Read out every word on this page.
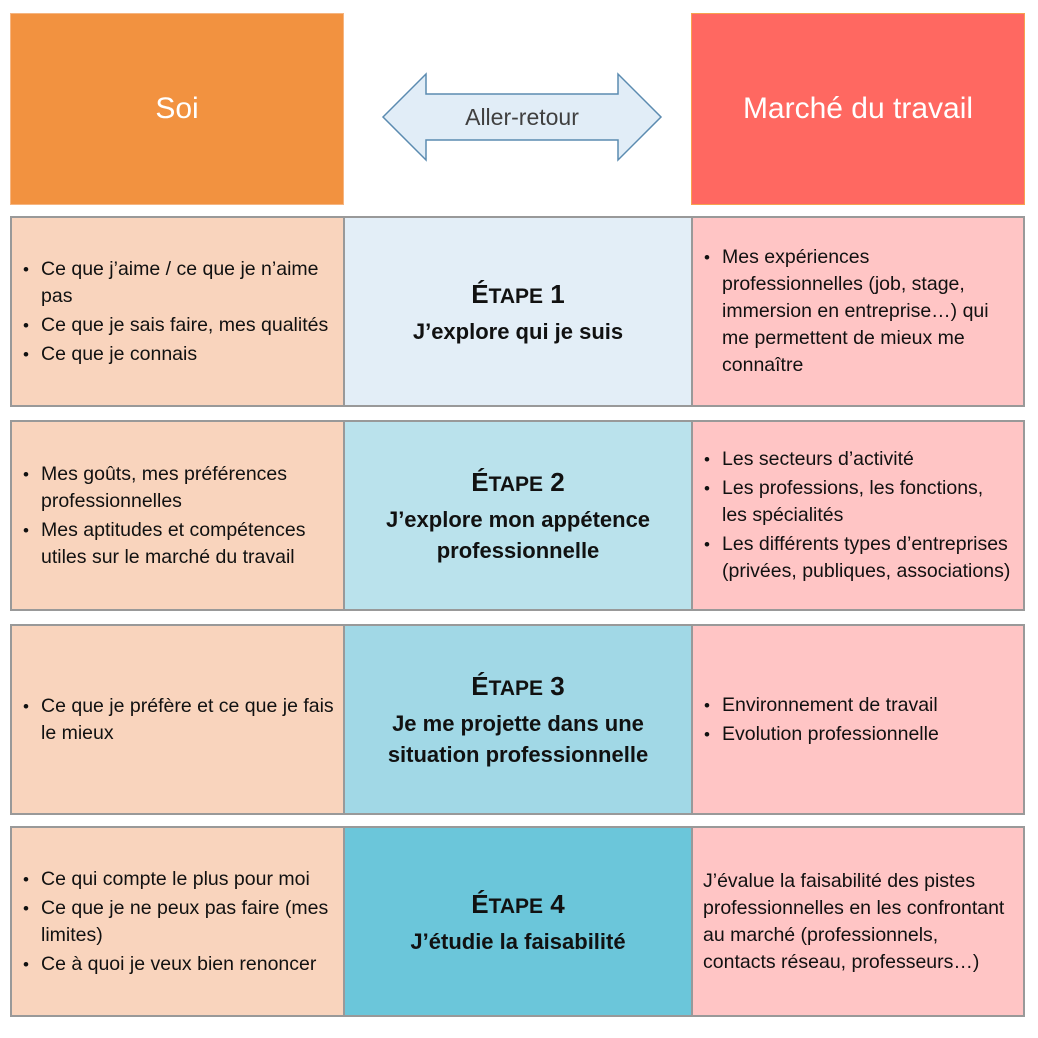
Soi	Aller-retour	Marché du travail
• Ce que j’aime / ce que je n’aime pas
• Ce que je sais faire, mes qualités
• Ce que je connais
ÉTAPE 1
J’explore qui je suis
• Mes expériences professionnelles (job, stage, immersion en entreprise…) qui me permettent de mieux me connaître
• Mes goûts, mes préférences professionnelles
• Mes aptitudes et compétences utiles sur le marché du travail
ÉTAPE 2
J’explore mon appétence professionnelle
• Les secteurs d’activité
• Les professions, les fonctions, les spécialités
• Les différents types d’entreprises (privées, publiques, associations)
• Ce que je préfère et ce que je fais le mieux
ÉTAPE 3
Je me projette dans une situation professionnelle
• Environnement de travail
• Evolution professionnelle
• Ce qui compte le plus pour moi
• Ce que je ne peux pas faire (mes limites)
• Ce à quoi je veux bien renoncer
ÉTAPE 4
J’étudie la faisabilité
J’évalue la faisabilité des pistes professionnelles en les confrontant au marché (professionnels, contacts réseau, professeurs…)
